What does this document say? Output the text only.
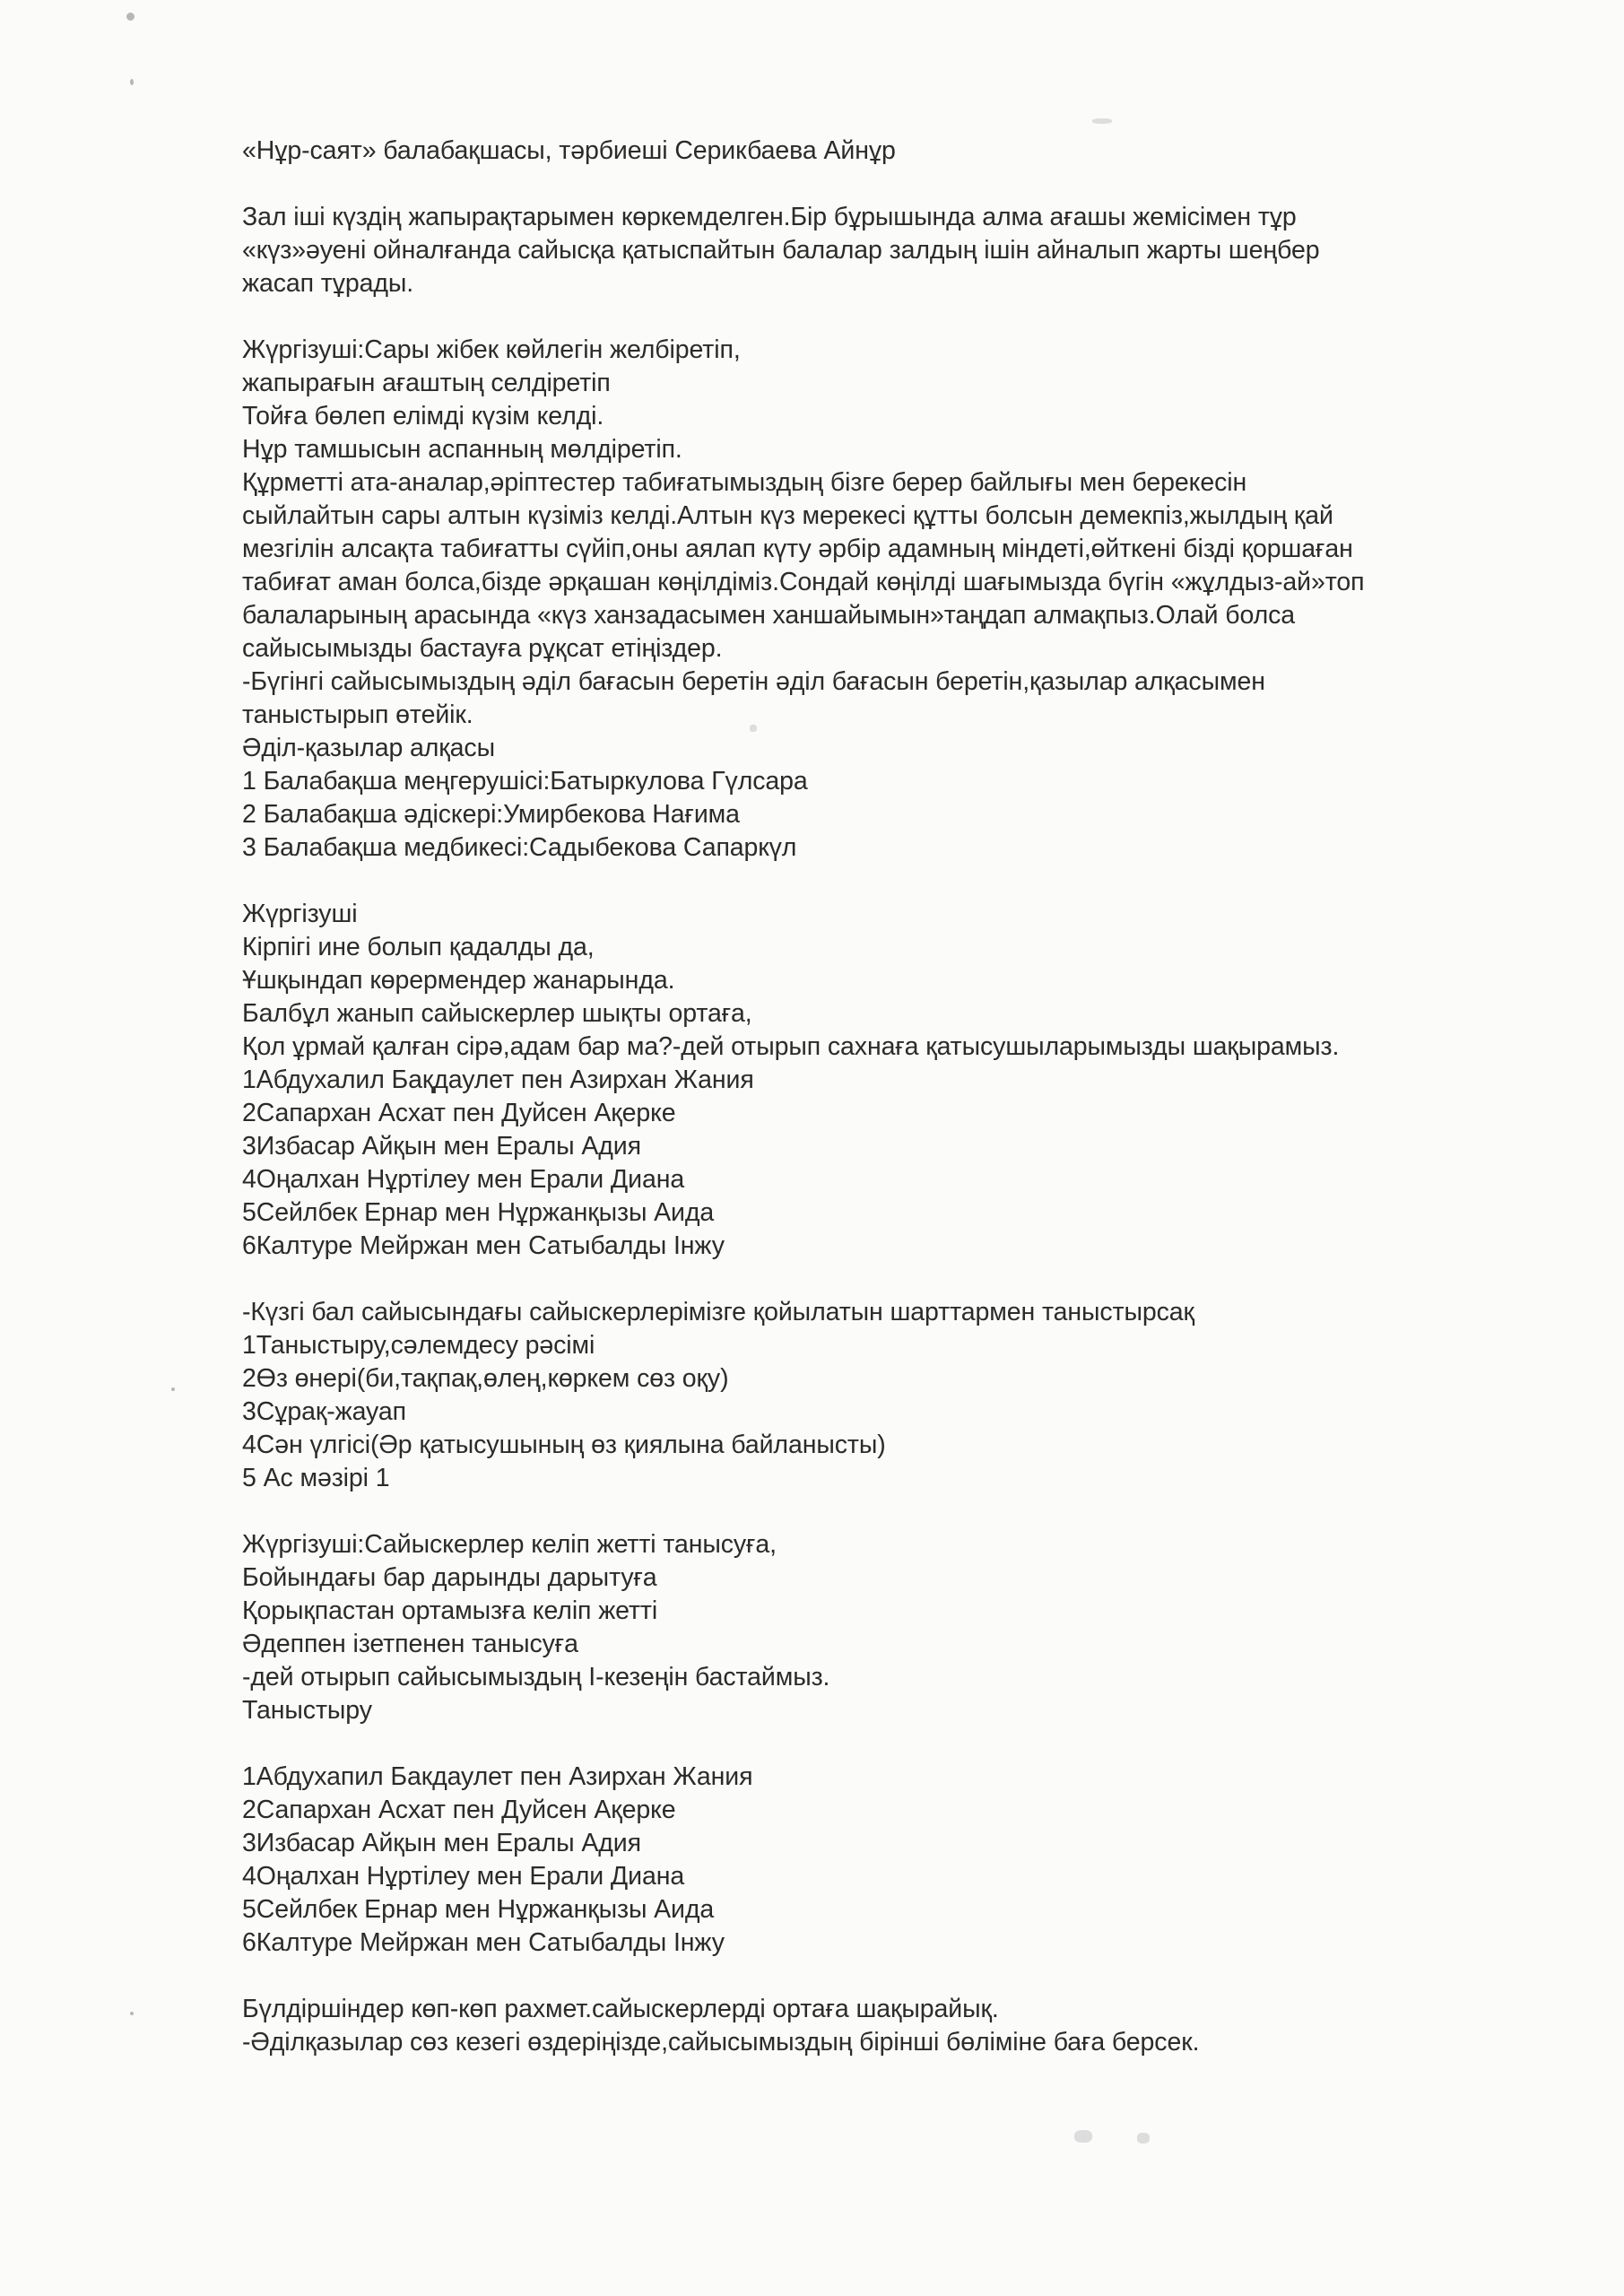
«Нұр-саят» балабақшасы, тәрбиеші Серикбаева Айнұр

Зал іші күздің жапырақтарымен көркемделген.Бір бұрышында алма ағашы жемісімен тұр

«күз»әуені ойналғанда сайысқа қатыспайтын балалар залдың ішін айналып жарты шеңбер

жасап тұрады.

Жүргізуші:Сары жібек көйлегін желбіретіп,

жапырағын ағаштың селдіретіп

Тойға бөлеп елімді күзім келді.

Нұр тамшысын аспанның мөлдіретіп.

Құрметті ата-аналар,әріптестер табиғатымыздың бізге берер байлығы мен берекесін

сыйлайтын сары алтын күзіміз келді.Алтын күз мерекесі құтты болсын демекпіз,жылдың қай

мезгілін алсақта табиғатты сүйіп,оны аялап күту әрбір адамның міндеті,өйткені бізді қоршаған

табиғат аман болса,бізде әрқашан көңілдіміз.Сондай көңілді шағымызда бүгін «жұлдыз-ай»топ

балаларының арасында «күз ханзадасымен ханшайымын»таңдап алмақпыз.Олай болса

сайысымызды бастауға рұқсат етіңіздер.

-Бүгінгі сайысымыздың әділ бағасын беретін әділ бағасын беретін,қазылар алқасымен

таныстырып өтейік.

Әділ-қазылар алқасы

1 Балабақша меңгерушісі:Батыркулова Гүлсара

2 Балабақша әдіскері:Умирбекова Нағима

3 Балабақша медбикесі:Садыбекова Сапаркүл

Жүргізуші

Кірпігі ине болып қадалды да,

Ұшқындап көрермендер жанарында.

Балбұл жанып сайыскерлер шықты ортаға,

Қол ұрмай қалған сірә,адам бар ма?-дей отырып сахнаға қатысушыларымызды шақырамыз.

1Абдухалил Бақдаулет пен Азирхан Жания

2Сапархан Асхат пен Дуйсен Ақерке

3Избасар Айқын мен Ералы Адия

4Оңалхан Нұртілеу мен Ерали Диана

5Сейлбек Ернар мен Нұржанқызы Аида

6Калтуре Мейржан мен Сатыбалды Інжу

-Күзгі бал сайысындағы сайыскерлерімізге қойылатын шарттармен таныстырсақ

1Таныстыру,сәлемдесу рәсімі

2Өз өнері(би,тақпақ,өлең,көркем сөз оқу)

3Сұрақ-жауап

4Сән үлгісі(Әр қатысушының өз қиялына байланысты)

5 Ас мәзірі 1

Жүргізуші:Сайыскерлер келіп жетті танысуға,

Бойындағы бар дарынды дарытуға

Қорықпастан ортамызға келіп жетті

Әдеппен ізетпенен танысуға

-дей отырып сайысымыздың І-кезеңін бастаймыз.

Таныстыру

1Абдухапил Бакдаулет пен Азирхан Жания

2Сапархан Асхат пен Дуйсен Ақерке

3Избасар Айқын мен Ералы Адия

4Оңалхан Нұртілеу мен Ерали Диана

5Сейлбек Ернар мен Нұржанқызы Аида

6Калтуре Мейржан мен Сатыбалды Інжу

Бүлдіршіндер көп-көп рахмет.сайыскерлерді ортаға шақырайық.

-Әділқазылар сөз кезегі өздеріңізде,сайысымыздың бірінші бөліміне баға берсек.
